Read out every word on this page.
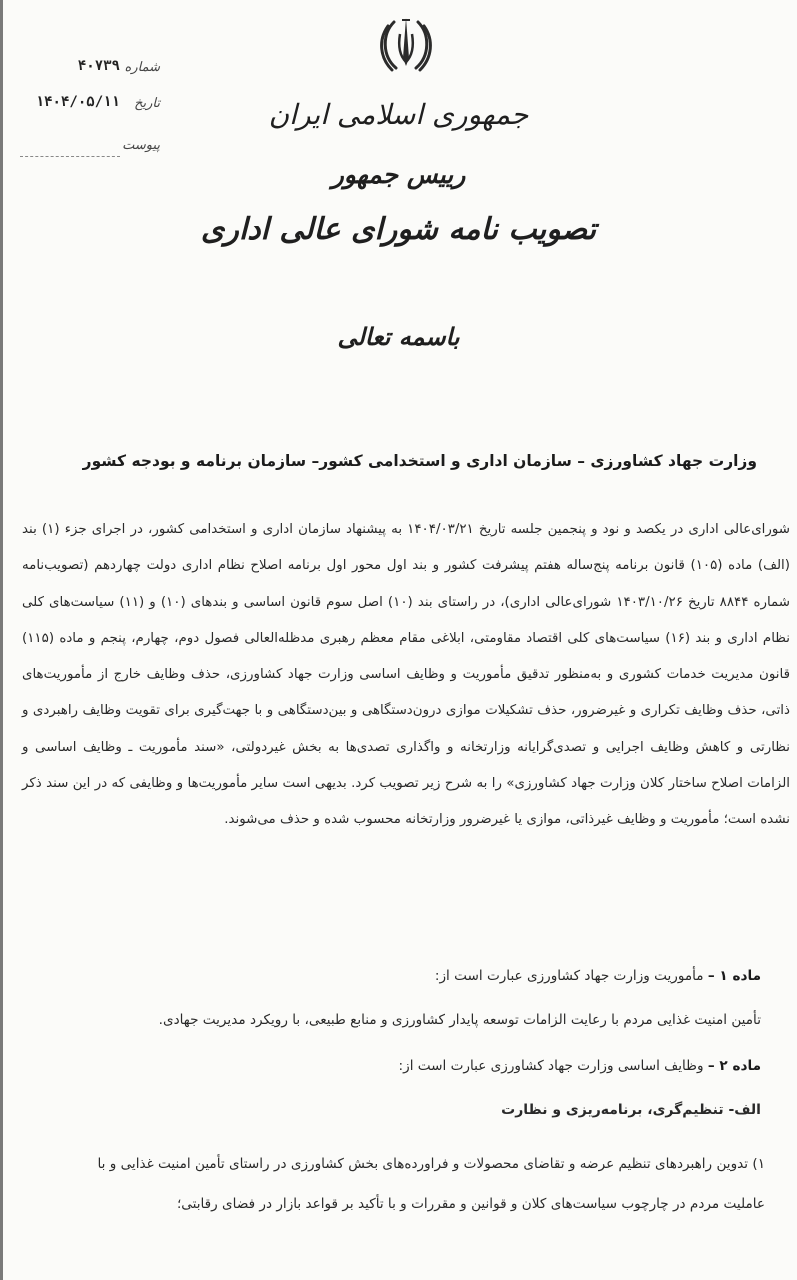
شماره
۴۰۷۳۹
تاریخ
۱۴۰۴/۰۵/۱۱
پیوست
جمهوری اسلامی ایران
رییس جمهور
تصویب نامه شورای عالی اداری
باسمه تعالی
وزارت جهاد کشاورزی – سازمان اداری و استخدامی کشور– سازمان برنامه و بودجه کشور
شورای‌عالی اداری در یکصد و نود و پنجمین جلسه تاریخ ۱۴۰۴/۰۳/۲۱ به پیشنهاد سازمان اداری و استخدامی کشور، در اجرای جزء (۱) بند (الف) ماده (۱۰۵) قانون برنامه پنج‌ساله هفتم پیشرفت کشور و بند اول محور اول برنامه اصلاح نظام اداری دولت چهاردهم (تصویب‌نامه شماره ۸۸۴۴ تاریخ ۱۴۰۳/۱۰/۲۶ شورای‌عالی اداری)، در راستای بند (۱۰) اصل سوم قانون اساسی و بندهای (۱۰) و (۱۱) سیاست‌های کلی نظام اداری و بند (۱۶) سیاست‌های کلی اقتصاد مقاومتی، ابلاغی مقام معظم رهبری مدظله‌العالی فصول دوم، چهارم، پنجم و ماده (۱۱۵) قانون مدیریت خدمات کشوری و به‌منظور تدقیق مأموریت و وظایف اساسی وزارت جهاد کشاورزی، حذف وظایف خارج از مأموریت‌های ذاتی، حذف وظایف تکراری و غیرضرور، حذف تشکیلات موازی درون‌دستگاهی و بین‌دستگاهی و با جهت‌گیری برای تقویت وظایف راهبردی و نظارتی و کاهش وظایف اجرایی و تصدی‌گرایانه وزارتخانه و واگذاری تصدی‌ها به بخش غیردولتی، «سند مأموریت ـ وظایف اساسی و الزامات اصلاح ساختار کلان وزارت جهاد کشاورزی» را به شرح زیر تصویب کرد. بدیهی است سایر مأموریت‌ها و وظایفی که در این سند ذکر نشده است؛ مأموریت و وظایف غیرذاتی، موازی یا غیرضرور وزارتخانه محسوب شده و حذف می‌شوند.
ماده ۱ – مأموریت وزارت جهاد کشاورزی عبارت است از:
تأمین امنیت غذایی مردم با رعایت الزامات توسعه پایدار کشاورزی و منابع طبیعی، با رویکرد مدیریت جهادی.
ماده ۲ – وظایف اساسی وزارت جهاد کشاورزی عبارت است از:
الف- تنظیم‌گری، برنامه‌ریزی و نظارت
۱) تدوین راهبردهای تنظیم عرضه و تقاضای محصولات و فراورده‌های بخش کشاورزی در راستای تأمین امنیت غذایی و با
عاملیت مردم در چارچوب سیاست‌های کلان و قوانین و مقررات و با تأکید بر قواعد بازار در فضای رقابتی؛
